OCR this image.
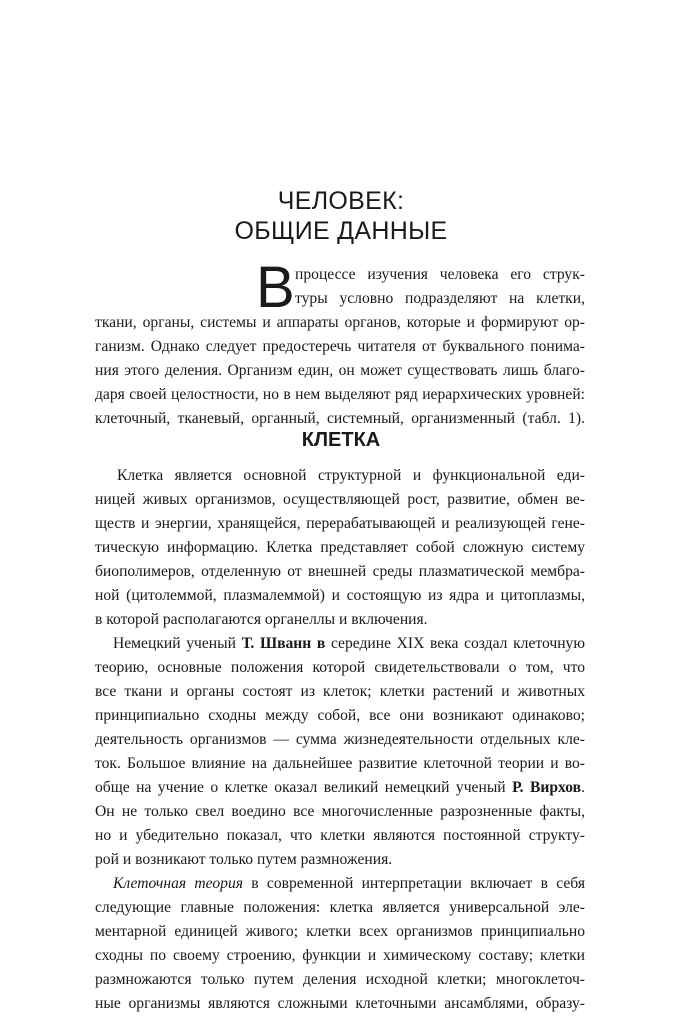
ЧЕЛОВЕК:
ОБЩИЕ ДАННЫЕ
В процессе изучения человека его струк-
туры условно подразделяют на клетки,
ткани, органы, системы и аппараты органов, которые и формируют ор-
ганизм. Однако следует предостеречь читателя от буквального понима-
ния этого деления. Организм един, он может существовать лишь благо-
даря своей целостности, но в нем выделяют ряд иерархических уровней:
клеточный, тканевый, органный, системный, организменный (табл. 1).
КЛЕТКА
Клетка является основной структурной и функциональной еди-
ницей живых организмов, осуществляющей рост, развитие, обмен ве-
ществ и энергии, хранящейся, перерабатывающей и реализующей гене-
тическую информацию. Клетка представляет собой сложную систему
биополимеров, отделенную от внешней среды плазматической мембра-
ной (цитолеммой, плазмалеммой) и состоящую из ядра и цитоплазмы,
в которой располагаются органеллы и включения.
Немецкий ученый Т. Шванн в середине XIX века создал клеточную
теорию, основные положения которой свидетельствовали о том, что
все ткани и органы состоят из клеток; клетки растений и животных
принципиально сходны между собой, все они возникают одинаково;
деятельность организмов — сумма жизнедеятельности отдельных кле-
ток. Большое влияние на дальнейшее развитие клеточной теории и во-
обще на учение о клетке оказал великий немецкий ученый Р. Вирхов.
Он не только свел воедино все многочисленные разрозненные факты,
но и убедительно показал, что клетки являются постоянной структу-
рой и возникают только путем размножения.
Клеточная теория в современной интерпретации включает в себя
следующие главные положения: клетка является универсальной эле-
ментарной единицей живого; клетки всех организмов принципиально
сходны по своему строению, функции и химическому составу; клетки
размножаются только путем деления исходной клетки; многоклеточ-
ные организмы являются сложными клеточными ансамблями, образу-
